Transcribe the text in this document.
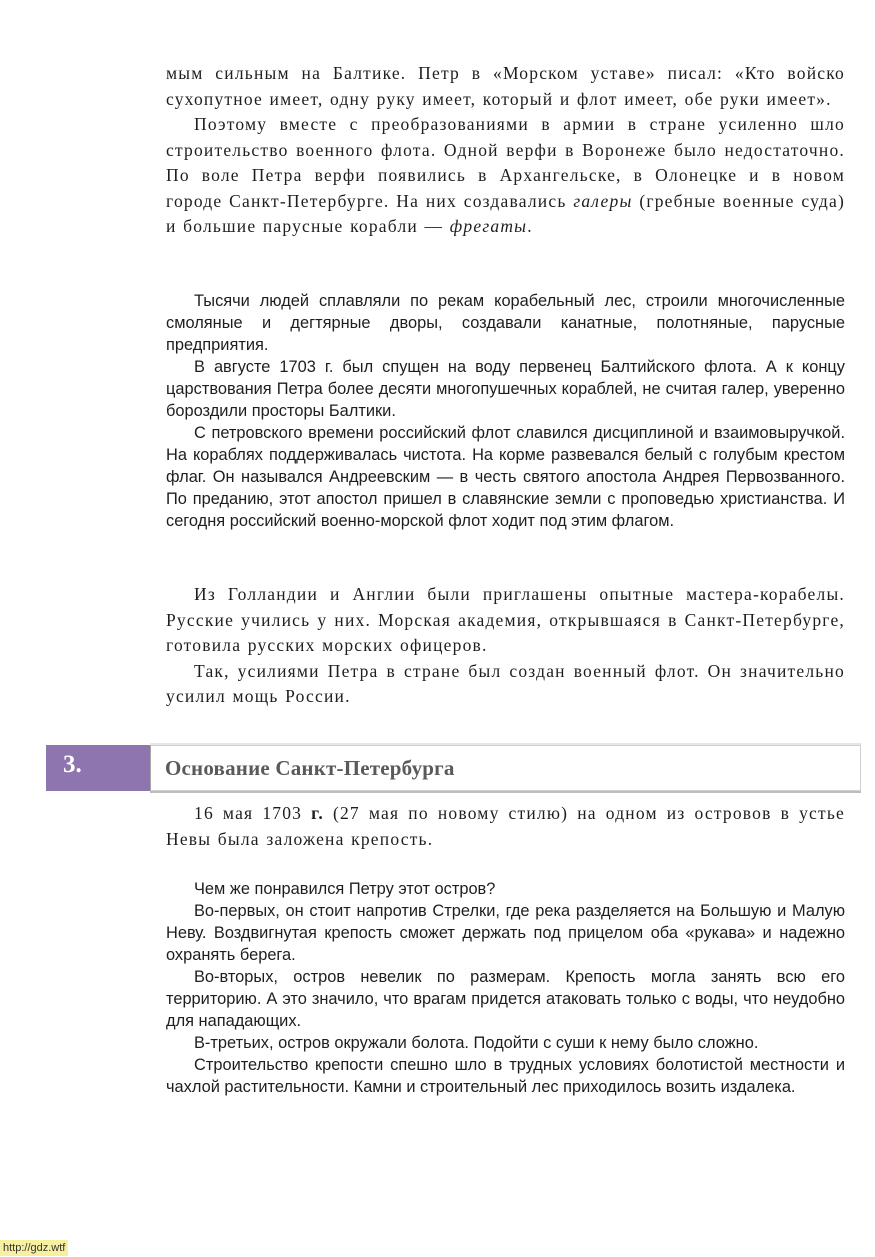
мым сильным на Балтике. Петр в «Морском уставе» писал: «Кто войско сухопутное имеет, одну руку имеет, который и флот имеет, обе руки имеет».

Поэтому вместе с преобразованиями в армии в стране усиленно шло строительство военного флота. Одной верфи в Воронеже было недостаточно. По воле Петра верфи появились в Архангельске, в Олонецке и в новом городе Санкт-Петербурге. На них создавались галеры (гребные военные суда) и большие парусные корабли — фрегаты.

Тысячи людей сплавляли по рекам корабельный лес, строили многочисленные смоляные и дегтярные дворы, создавали канатные, полотняные, парусные предприятия.

В августе 1703 г. был спущен на воду первенец Балтийского флота. А к концу царствования Петра более десяти многопушечных кораблей, не считая галер, уверенно бороздили просторы Балтики.

С петровского времени российский флот славился дисциплиной и взаимовыручкой. На кораблях поддерживалась чистота. На корме развевался белый с голубым крестом флаг. Он назывался Андреевским — в честь святого апостола Андрея Первозванного. По преданию, этот апостол пришел в славянские земли с проповедью христианства. И сегодня российский военно-морской флот ходит под этим флагом.

Из Голландии и Англии были приглашены опытные мастера-корабелы. Русские учились у них. Морская академия, открывшаяся в Санкт-Петербурге, готовила русских морских офицеров.

Так, усилиями Петра в стране был создан военный флот. Он значительно усилил мощь России.

3.	Основание Санкт-Петербурга

16 мая 1703 г. (27 мая по новому стилю) на одном из островов в устье Невы была заложена крепость.

Чем же понравился Петру этот остров?

Во-первых, он стоит напротив Стрелки, где река разделяется на Большую и Малую Неву. Воздвигнутая крепость сможет держать под прицелом оба «рукава» и надежно охранять берега.

Во-вторых, остров невелик по размерам. Крепость могла занять всю его территорию. А это значило, что врагам придется атаковать только с воды, что неудобно для нападающих.

В-третьих, остров окружали болота. Подойти с суши к нему было сложно.

Строительство крепости спешно шло в трудных условиях болотистой местности и чахлой растительности. Камни и строительный лес приходилось возить издалека.

http://gdz.wtf
